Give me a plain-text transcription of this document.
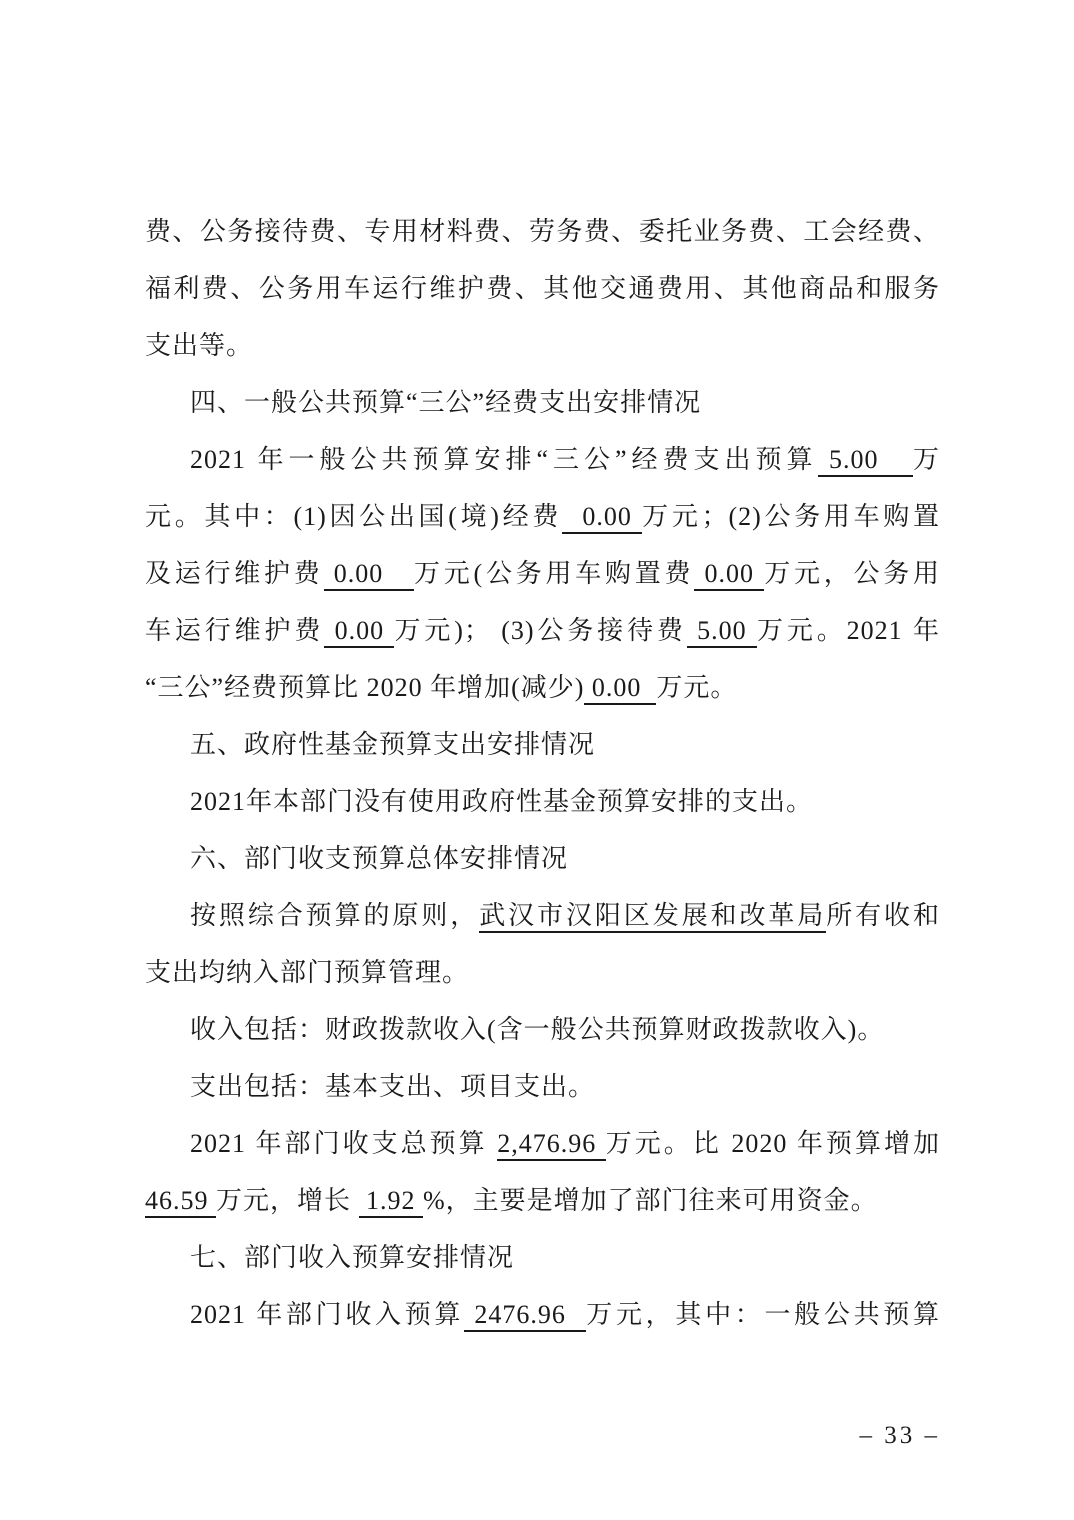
费、公务接待费、专用材料费、劳务费、委托业务费、工会经费、
福利费、公务用车运行维护费、其他交通费用、其他商品和服务
支出等。
四、一般公共预算“三公”经费支出安排情况
2021 年一般公共预算安排“三公”经费支出预算 5.00   万
元。其中：(1)因公出国(境)经费  0.00 万元；(2)公务用车购置
及运行维护费 0.00   万元(公务用车购置费 0.00 万元，公务用
车运行维护费 0.00 万元)； (3)公务接待费 5.00 万元。2021 年
“三公”经费预算比 2020 年增加(减少) 0.00  万元。
五、政府性基金预算支出安排情况
2021年本部门没有使用政府性基金预算安排的支出。
六、部门收支预算总体安排情况
按照综合预算的原则，武汉市汉阳区发展和改革局所有收和
支出均纳入部门预算管理。
收入包括：财政拨款收入(含一般公共预算财政拨款收入)。
支出包括：基本支出、项目支出。
2021 年部门收支总预算 2,476.96 万元。比 2020 年预算增加
46.59 万元，增长  1.92 %，主要是增加了部门往来可用资金。
七、部门收入预算安排情况
2021 年部门收入预算 2476.96  万元，其中：一般公共预算
– 33 –
